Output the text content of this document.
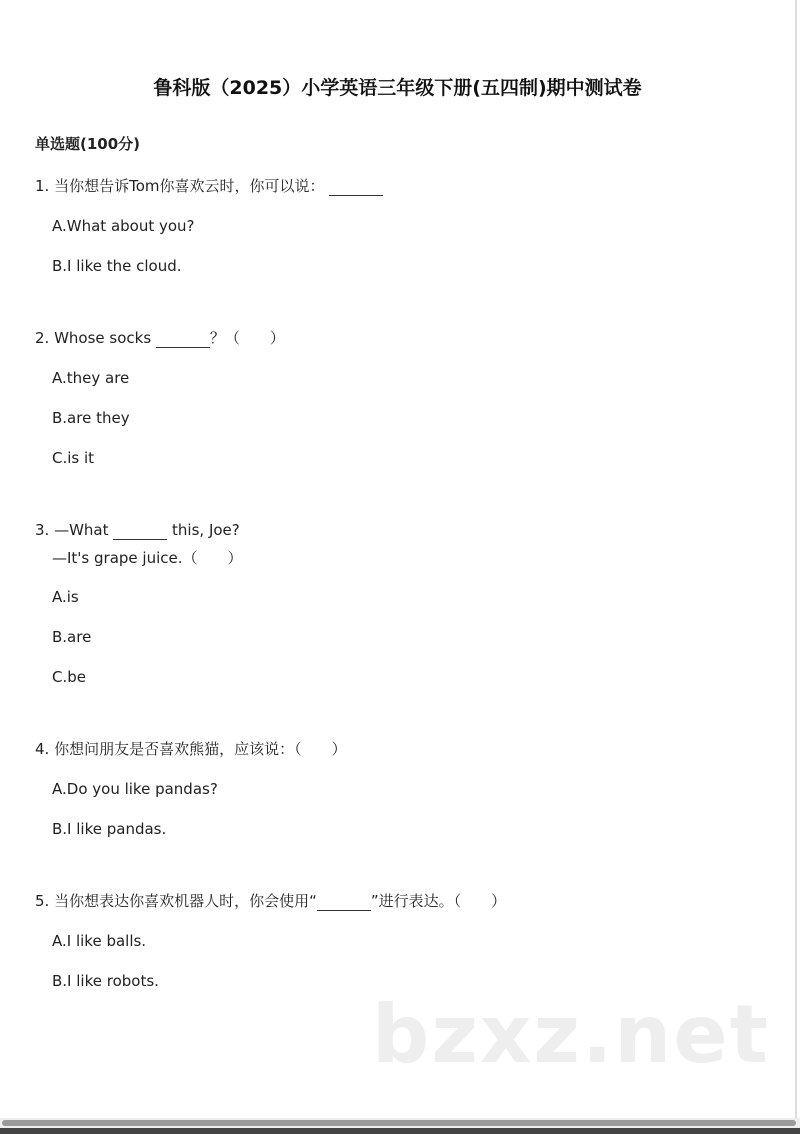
鲁科版（2025）小学英语三年级下册(五四制)期中测试卷
单选题(100分)
1. 当你想告诉Tom你喜欢云时，你可以说：
A.What about you?
B.I like the cloud.
2. Whose socks	？（　　）
A.they are
B.are they
C.is it
3. —What	this, Joe?
—It's grape juice.（　　）
A.is
B.are
C.be
4. 你想问朋友是否喜欢熊猫，应该说：（　　）
A.Do you like pandas?
B.I like pandas.
5. 当你想表达你喜欢机器人时，你会使用“	”进行表达。（　　）
A.I like balls.
B.I like robots.
bzxz.net
